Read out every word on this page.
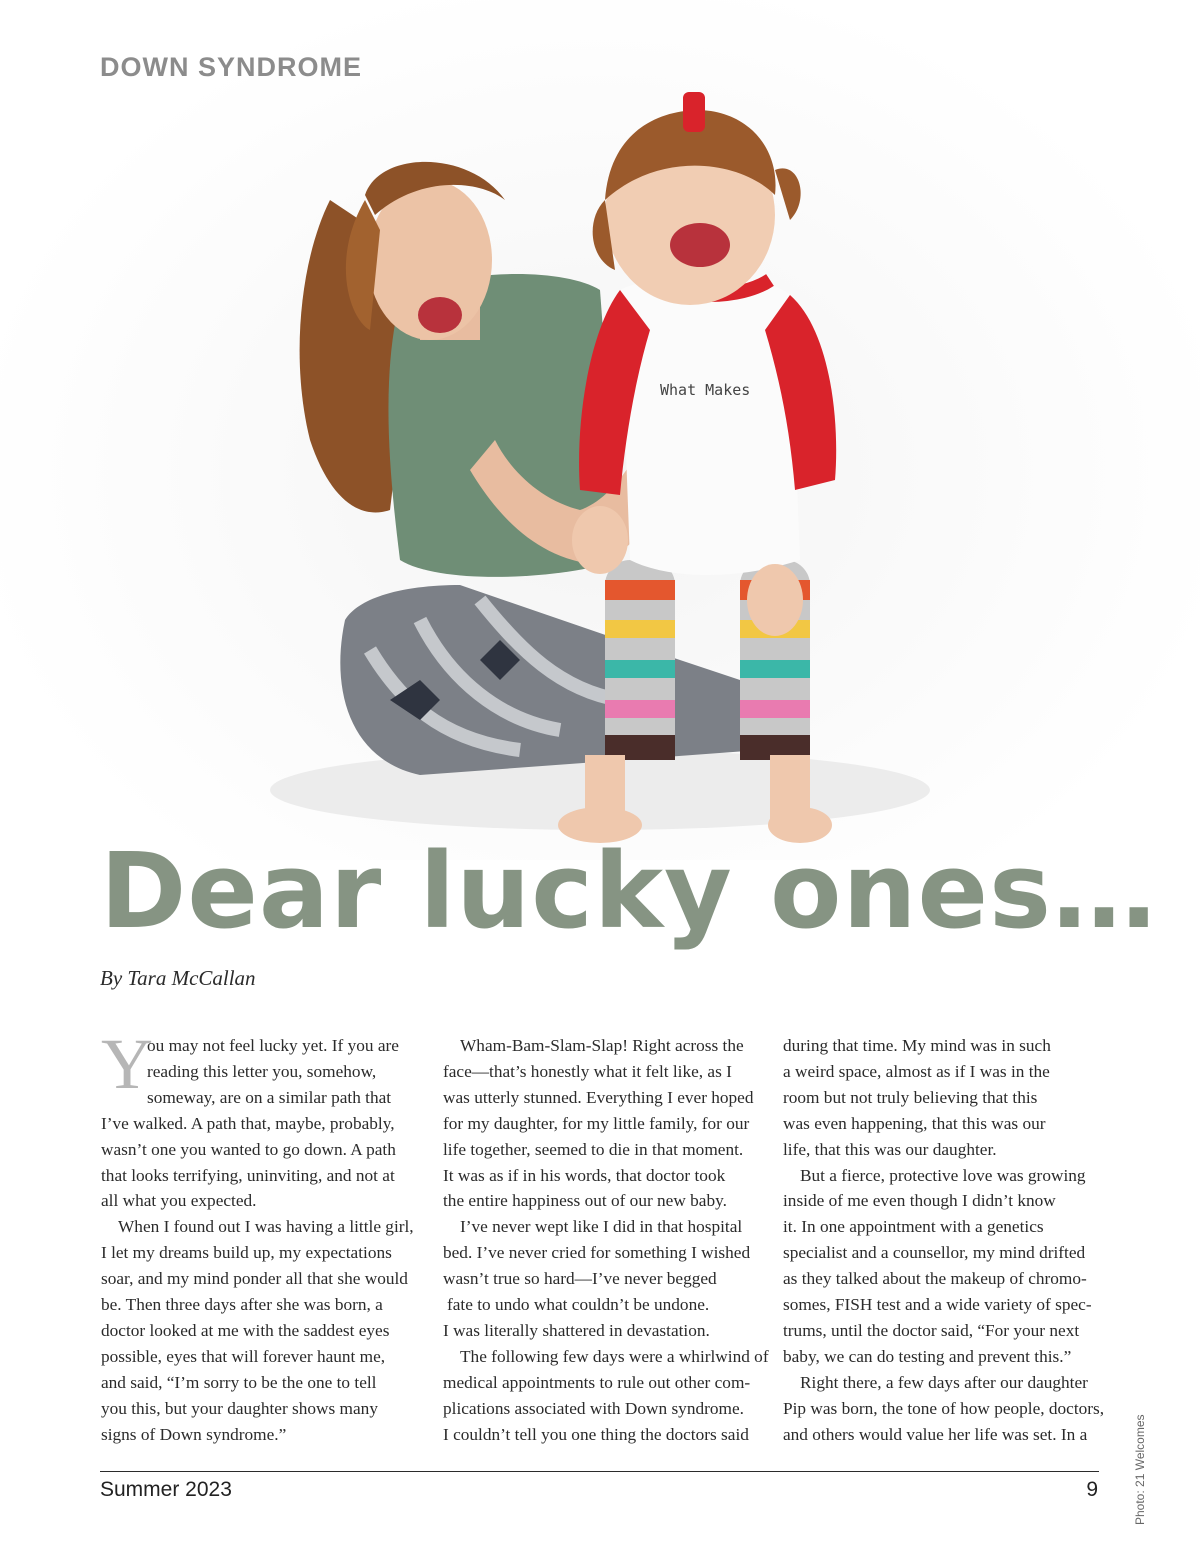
What Makes
DOWN SYNDROME
Dear lucky ones…
By Tara McCallan
Y
ou may not feel lucky yet. If you are
reading this letter you, somehow,
someway, are on a similar path that
I’ve walked. A path that, maybe, probably,
wasn’t one you wanted to go down. A path
that looks terrifying, uninviting, and not at
all what you expected.
When I found out I was having a little girl,
I let my dreams build up, my expectations
soar, and my mind ponder all that she would
be. Then three days after she was born, a
doctor looked at me with the saddest eyes
possible, eyes that will forever haunt me,
and said, “I’m sorry to be the one to tell
you this, but your daughter shows many
signs of Down syndrome.”
Wham-Bam-Slam-Slap! Right across the
face—that’s honestly what it felt like, as I
was utterly stunned. Everything I ever hoped
for my daughter, for my little family, for our
life together, seemed to die in that moment.
It was as if in his words, that doctor took
the entire happiness out of our new baby.
I’ve never wept like I did in that hospital
bed. I’ve never cried for something I wished
wasn’t true so hard—I’ve never begged
fate to undo what couldn’t be undone.
I was literally shattered in devastation.
The following few days were a whirlwind of
medical appointments to rule out other com-
plications associated with Down syndrome.
I couldn’t tell you one thing the doctors said
during that time. My mind was in such
a weird space, almost as if I was in the
room but not truly believing that this
was even happening, that this was our
life, that this was our daughter.
But a fierce, protective love was growing
inside of me even though I didn’t know
it. In one appointment with a genetics
specialist and a counsellor, my mind drifted
as they talked about the makeup of chromo-
somes, FISH test and a wide variety of spec-
trums, until the doctor said, “For your next
baby, we can do testing and prevent this.”
Right there, a few days after our daughter
Pip was born, the tone of how people, doctors,
and others would value her life was set. In a
Summer 2023	9	Photo: 21 Welcomes
